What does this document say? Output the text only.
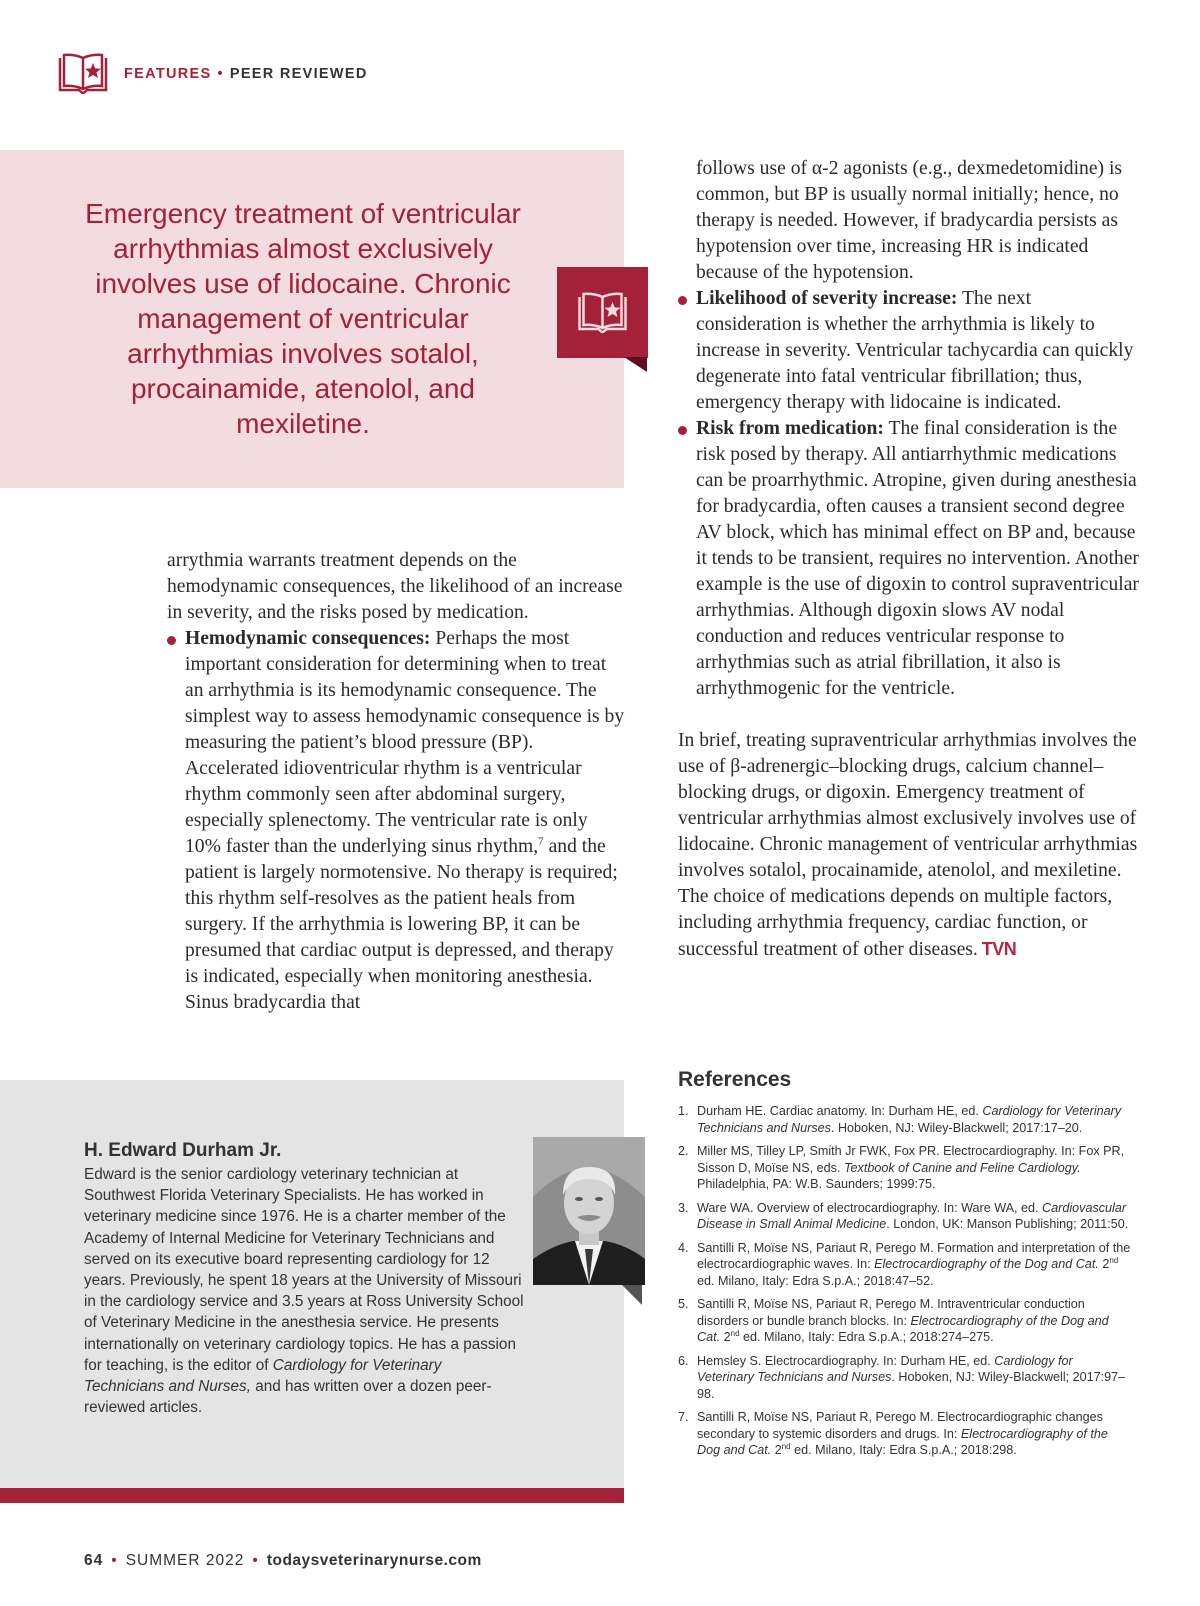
FEATURES • PEER REVIEWED
Emergency treatment of ventricular arrhythmias almost exclusively involves use of lidocaine. Chronic management of ventricular arrhythmias involves sotalol, procainamide, atenolol, and mexiletine.

arrythmia warrants treatment depends on the hemodynamic consequences, the likelihood of an increase in severity, and the risks posed by medication.

Hemodynamic consequences: Perhaps the most important consideration for determining when to treat an arrhythmia is its hemodynamic consequence. The simplest way to assess hemodynamic consequence is by measuring the patient’s blood pressure (BP). Accelerated idioventricular rhythm is a ventricular rhythm commonly seen after abdominal surgery, especially splenectomy. The ventricular rate is only 10% faster than the underlying sinus rhythm,$^7$ and the patient is largely normotensive. No therapy is required; this rhythm self-resolves as the patient heals from surgery. If the arrhythmia is lowering BP, it can be presumed that cardiac output is depressed, and therapy is indicated, especially when monitoring anesthesia. Sinus bradycardia that
follows use of α-2 agonists (e.g., dexmedetomidine) is common, but BP is usually normal initially; hence, no therapy is needed. However, if bradycardia persists as hypotension over time, increasing HR is indicated because of the hypotension.
Likelihood of severity increase: The next consideration is whether the arrhythmia is likely to increase in severity. Ventricular tachycardia can quickly degenerate into fatal ventricular fibrillation; thus, emergency therapy with lidocaine is indicated.
Risk from medication: The final consideration is the risk posed by therapy. All antiarrhythmic medications can be proarrhythmic. Atropine, given during anesthesia for bradycardia, often causes a transient second degree AV block, which has minimal effect on BP and, because it tends to be transient, requires no intervention. Another example is the use of digoxin to control supraventricular arrhythmias. Although digoxin slows AV nodal conduction and reduces ventricular response to arrhythmias such as atrial fibrillation, it also is arrhythmogenic for the ventricle.

In brief, treating supraventricular arrhythmias involves the use of β-adrenergic–blocking drugs, calcium channel–blocking drugs, or digoxin. Emergency treatment of ventricular arrhythmias almost exclusively involves use of lidocaine. Chronic management of ventricular arrhythmias involves sotalol, procainamide, atenolol, and mexiletine. The choice of medications depends on multiple factors, including arrhythmia frequency, cardiac function, or successful treatment of other diseases. TVN

H. Edward Durham Jr.
Edward is the senior cardiology veterinary technician at Southwest Florida Veterinary Specialists. He has worked in veterinary medicine since 1976. He is a charter member of the Academy of Internal Medicine for Veterinary Technicians and served on its executive board representing cardiology for 12 years. Previously, he spent 18 years at the University of Missouri in the cardiology service and 3.5 years at Ross University School of Veterinary Medicine in the anesthesia service. He presents internationally on veterinary cardiology topics. He has a passion for teaching, is the editor of Cardiology for Veterinary Technicians and Nurses, and has written over a dozen peer-reviewed articles.
References
1. Durham HE. Cardiac anatomy. In: Durham HE, ed. Cardiology for Veterinary Technicians and Nurses. Hoboken, NJ: Wiley-Blackwell; 2017:17–20.
2. Miller MS, Tilley LP, Smith Jr FWK, Fox PR. Electrocardiography. In: Fox PR, Sisson D, Moïse NS, eds. Textbook of Canine and Feline Cardiology. Philadelphia, PA: W.B. Saunders; 1999:75.
3. Ware WA. Overview of electrocardiography. In: Ware WA, ed. Cardiovascular Disease in Small Animal Medicine. London, UK: Manson Publishing; 2011:50.
4. Santilli R, Moïse NS, Pariaut R, Perego M. Formation and interpretation of the electrocardiographic waves. In: Electrocardiography of the Dog and Cat. 2nd ed. Milano, Italy: Edra S.p.A.; 2018:47–52.
5. Santilli R, Moïse NS, Pariaut R, Perego M. Intraventricular conduction disorders or bundle branch blocks. In: Electrocardiography of the Dog and Cat. 2nd ed. Milano, Italy: Edra S.p.A.; 2018:274–275.
6. Hemsley S. Electrocardiography. In: Durham HE, ed. Cardiology for Veterinary Technicians and Nurses. Hoboken, NJ: Wiley-Blackwell; 2017:97–98.
7. Santilli R, Moïse NS, Pariaut R, Perego M. Electrocardiographic changes secondary to systemic disorders and drugs. In: Electrocardiography of the Dog and Cat. 2nd ed. Milano, Italy: Edra S.p.A.; 2018:298.
64 • SUMMER 2022 • todaysveterinarynurse.com
